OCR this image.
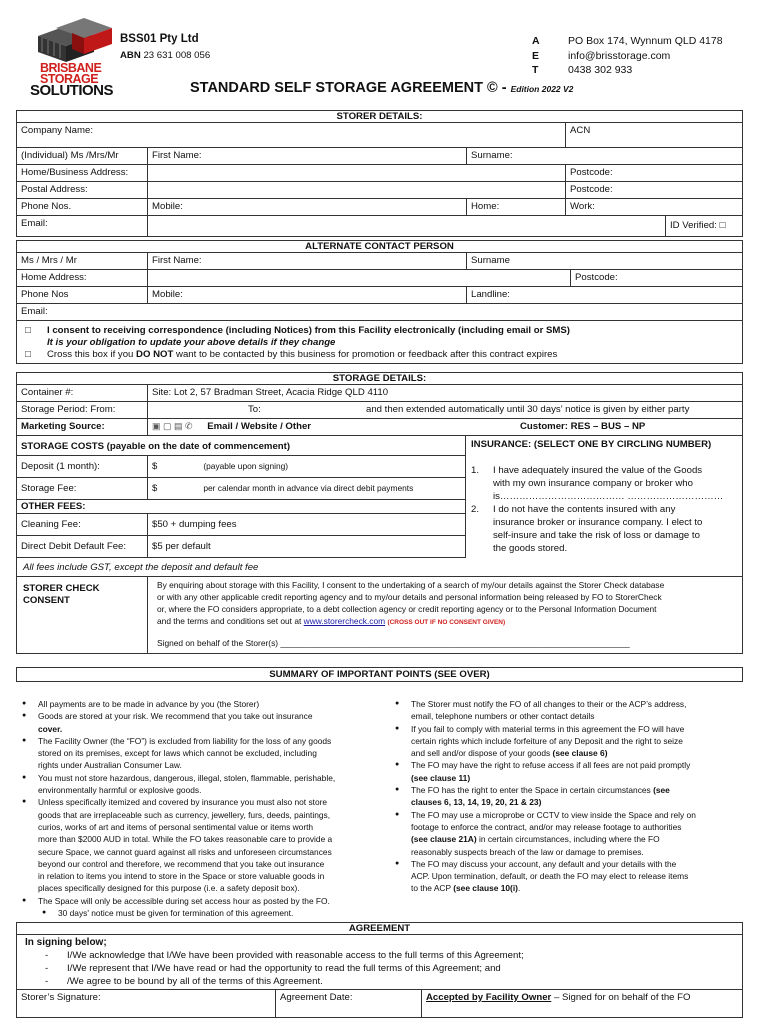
BRISBANE
STORAGE
SOLUTIONS
BSS01 Pty Ltd
ABN 23 631 008 056
A	PO Box 174, Wynnum QLD 4178
E	info@brisstorage.com
T	0438 302 933
STANDARD SELF STORAGE AGREEMENT © - Edition 2022 V2
STORER DETAILS:
Company Name:	ACN
(Individual) Ms /Mrs/Mr	First Name:	Surname:
Home/Business Address:	Postcode:
Postal Address:	Postcode:
Phone Nos.	Mobile:	Home:	Work:
Email:	ID Verified: □
ALTERNATE CONTACT PERSON
Ms / Mrs / Mr	First Name:	Surname
Home Address:	Postcode:
Phone Nos	Mobile:	Landline:
Email:
□ I consent to receiving correspondence (including Notices) from this Facility electronically (including email or SMS)
It is your obligation to update your above details if they change
□ Cross this box if you DO NOT want to be contacted by this business for promotion or feedback after this contract expires
STORAGE DETAILS:
Container #:	Site: Lot 2, 57 Bradman Street, Acacia Ridge QLD 4110
Storage Period: From:	To:	and then extended automatically until 30 days’ notice is given by either party
Marketing Source:	▣ ▢ ▤ ✆ Email / Website / Other	Customer: RES – BUS – NP
STORAGE COSTS (payable on the date of commencement)	INSURANCE: (SELECT ONE BY CIRCLING NUMBER)
Deposit (1 month):	$	(payable upon signing)
Storage Fee:	$	per calendar month in advance via direct debit payments
OTHER FEES:
Cleaning Fee:	$50 + dumping fees
Direct Debit Default Fee:	$5 per default
All fees include GST, except the deposit and default fee
1. I have adequately insured the value of the Goods
with my own insurance company or broker who
is………………………………… …………………………
2. I do not have the contents insured with any
insurance broker or insurance company. I elect to
self-insure and take the risk of loss or damage to
the goods stored.
STORER CHECK
CONSENT
By enquiring about storage with this Facility, I consent to the undertaking of a search of my/our details against the Storer Check database
or with any other applicable credit reporting agency and to my/our details and personal information being released by FO to StorerCheck
or, where the FO considers appropriate, to a debt collection agency or credit reporting agency or to the Personal Information Document
and the terms and conditions set out at www.storercheck.com (CROSS OUT IF NO CONSENT GIVEN)
Signed on behalf of the Storer(s) ___________________________________________________________________________
SUMMARY OF IMPORTANT POINTS (SEE OVER)
● All payments are to be made in advance by you (the Storer)
● Goods are stored at your risk. We recommend that you take out insurance
cover.
● The Facility Owner (the “FO”) is excluded from liability for the loss of any goods
stored on its premises, except for laws which cannot be excluded, including
rights under Australian Consumer Law.
● You must not store hazardous, dangerous, illegal, stolen, flammable, perishable,
environmentally harmful or explosive goods.
● Unless specifically itemized and covered by insurance you must also not store
goods that are irreplaceable such as currency, jewellery, furs, deeds, paintings,
curios, works of art and items of personal sentimental value or items worth
more than $2000 AUD in total. While the FO takes reasonable care to provide a
secure Space, we cannot guard against all risks and unforeseen circumstances
beyond our control and therefore, we recommend that you take out insurance
in relation to items you intend to store in the Space or store valuable goods in
places specifically designed for this purpose (i.e. a safety deposit box).
● The Space will only be accessible during set access hour as posted by the FO.
● 30 days' notice must be given for termination of this agreement.
● The Storer must notify the FO of all changes to their or the ACP’s address,
email, telephone numbers or other contact details
● If you fail to comply with material terms in this agreement the FO will have
certain rights which include forfeiture of any Deposit and the right to seize
and sell and/or dispose of your goods (see clause 6)
● The FO may have the right to refuse access if all fees are not paid promptly
(see clause 11)
● The FO has the right to enter the Space in certain circumstances (see
clauses 6, 13, 14, 19, 20, 21 & 23)
● The FO may use a microprobe or CCTV to view inside the Space and rely on
footage to enforce the contract, and/or may release footage to authorities
(see clause 21A) in certain circumstances, including where the FO
reasonably suspects breach of the law or damage to premises.
● The FO may discuss your account, any default and your details with the
ACP. Upon termination, default, or death the FO may elect to release items
to the ACP (see clause 10(i).
AGREEMENT
In signing below;
- I/We acknowledge that I/We have been provided with reasonable access to the full terms of this Agreement;
- I/We represent that I/We have read or had the opportunity to read the full terms of this Agreement; and
- /We agree to be bound by all of the terms of this Agreement.
Storer’s Signature:	Agreement Date:	Accepted by Facility Owner – Signed for on behalf of the FO
